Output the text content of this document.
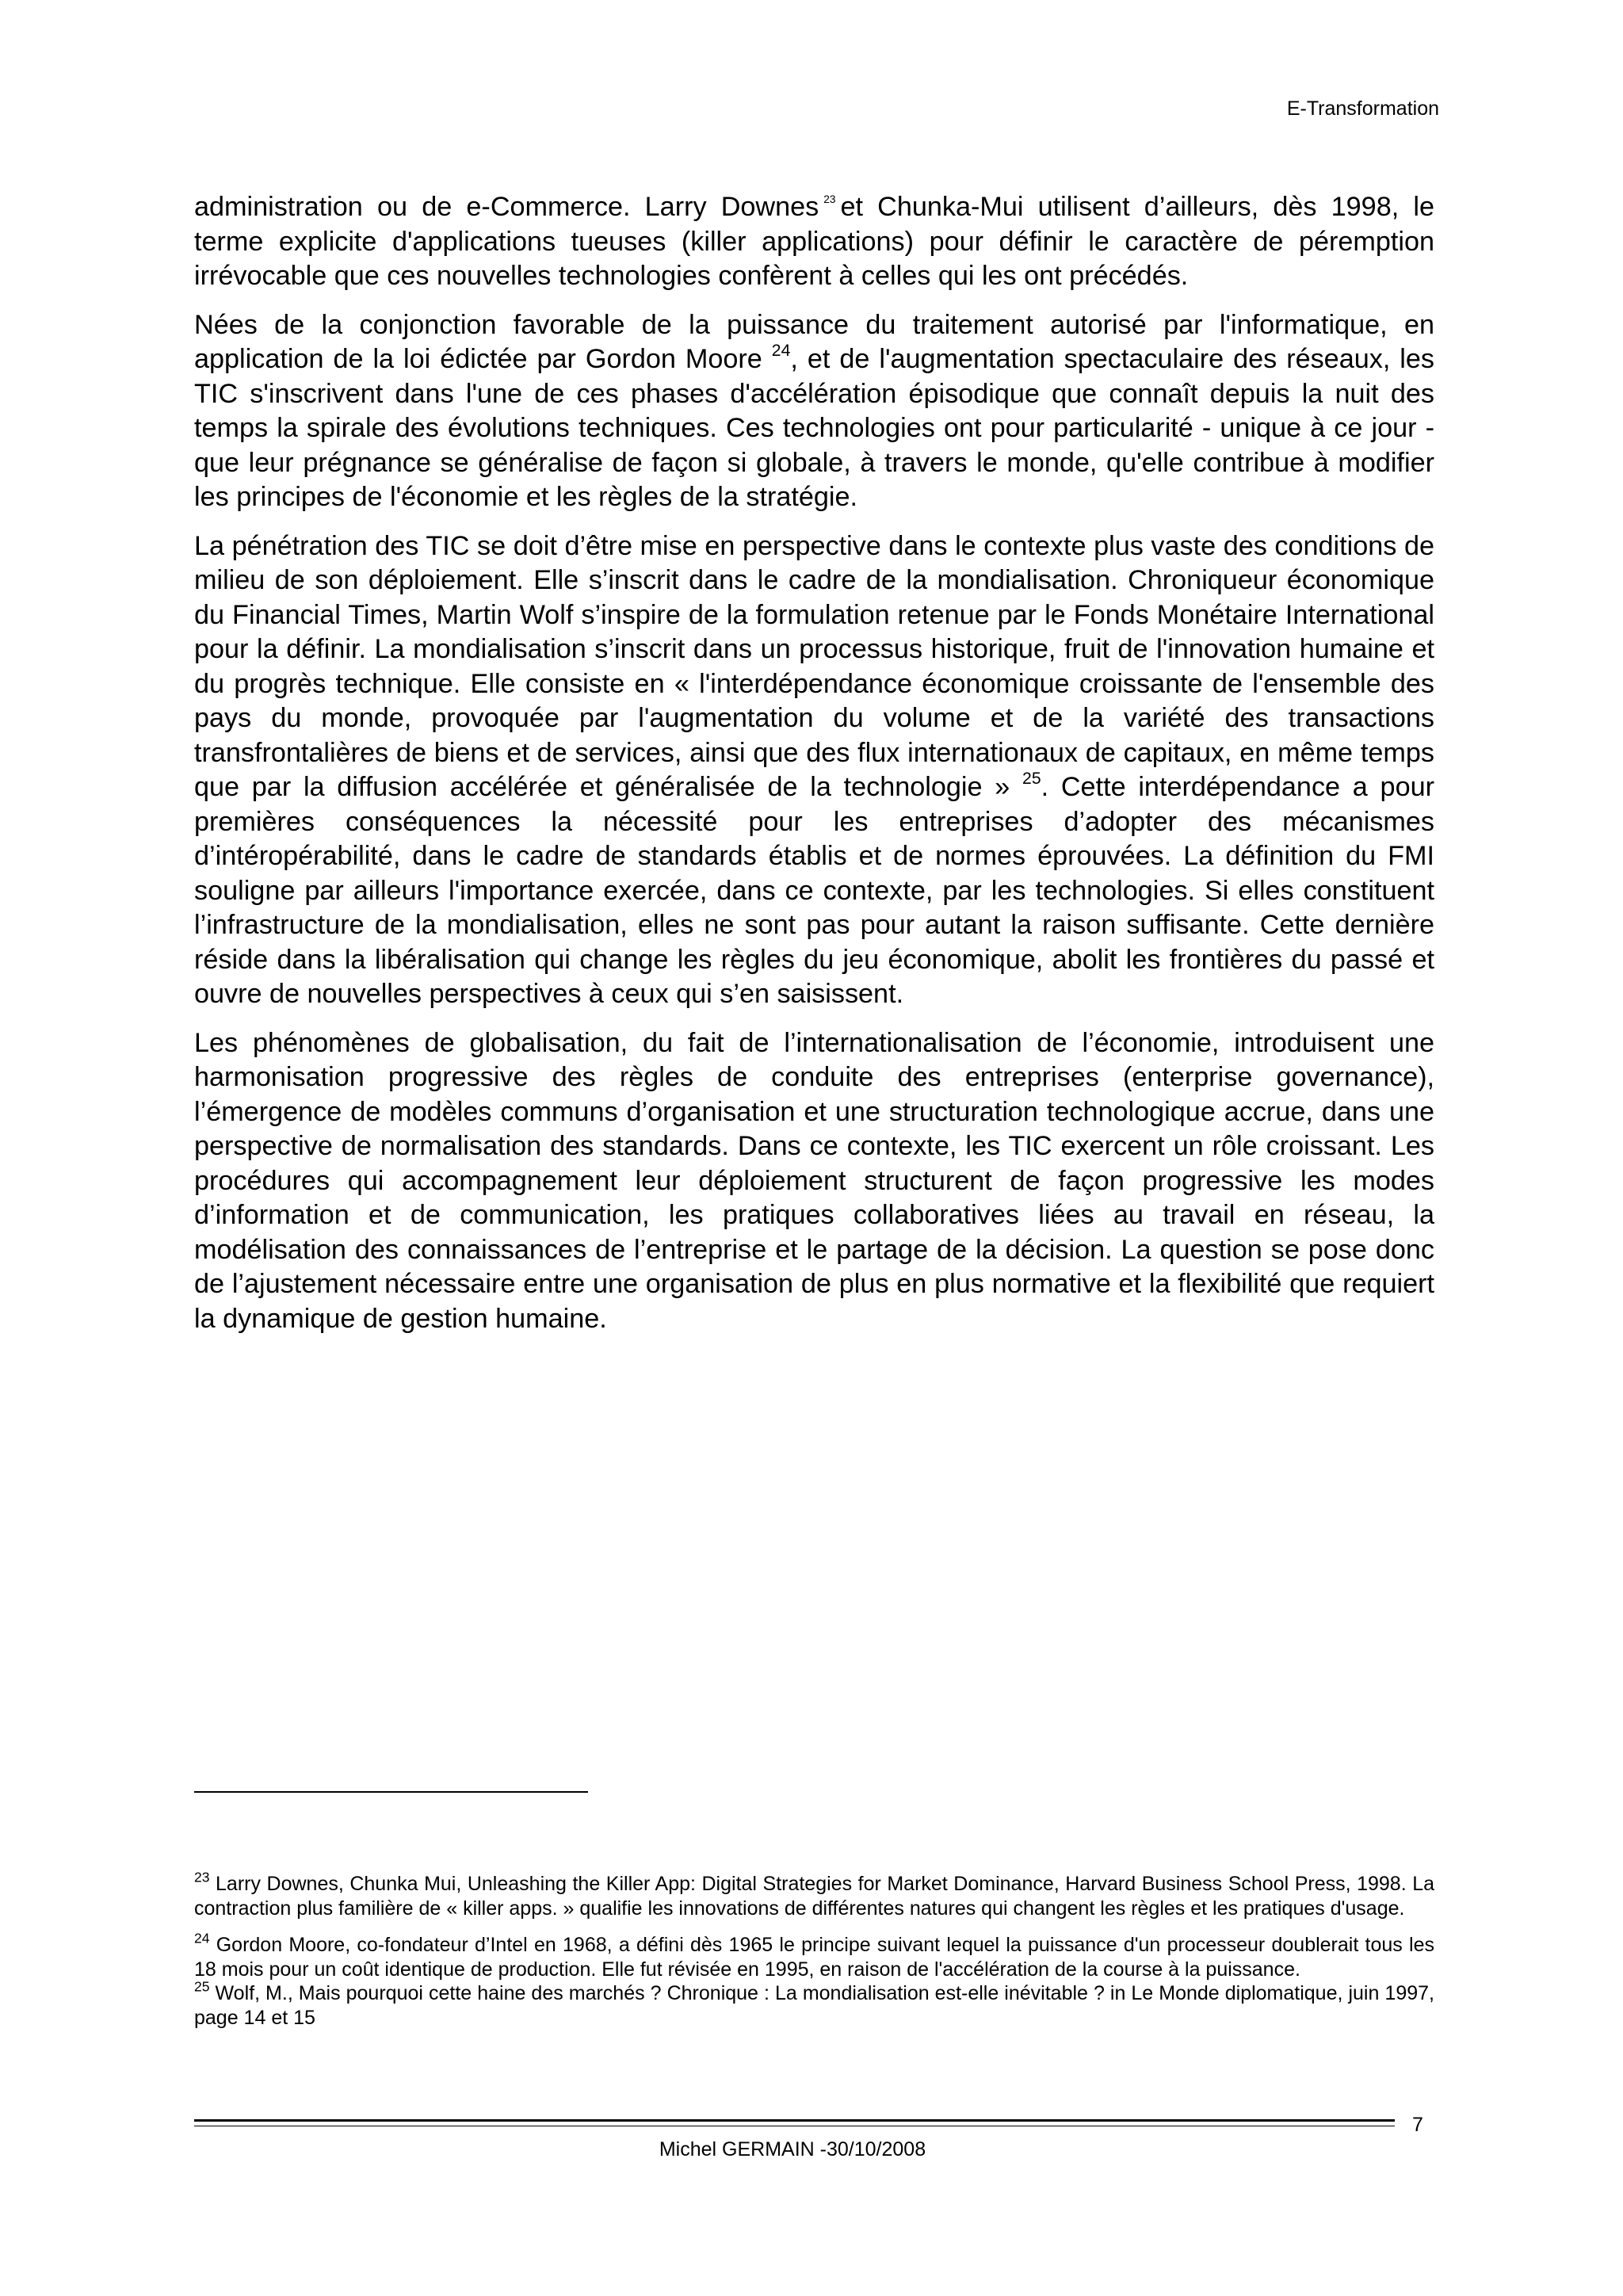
E-Transformation

administration ou de e-Commerce. Larry Downes $^{23}$ et Chunka-Mui utilisent d’ailleurs, dès 1998, le terme explicite d'applications tueuses (killer applications) pour définir le caractère de péremption irrévocable que ces nouvelles technologies confèrent à celles qui les ont précédés.

Nées de la conjonction favorable de la puissance du traitement autorisé par l'informatique, en application de la loi édictée par Gordon Moore $^{24}$, et de l'augmentation spectaculaire des réseaux, les TIC s'inscrivent dans l'une de ces phases d'accélération épisodique que connaît depuis la nuit des temps la spirale des évolutions techniques. Ces technologies ont pour particularité - unique à ce jour - que leur prégnance se généralise de façon si globale, à travers le monde, qu'elle contribue à modifier les principes de l'économie et les règles de la stratégie.

La pénétration des TIC se doit d’être mise en perspective dans le contexte plus vaste des conditions de milieu de son déploiement. Elle s’inscrit dans le cadre de la mondialisation. Chroniqueur économique du Financial Times, Martin Wolf s’inspire de la formulation retenue par le Fonds Monétaire International pour la définir. La mondialisation s’inscrit dans un processus historique, fruit de l'innovation humaine et du progrès technique. Elle consiste en « l'interdépendance économique croissante de l'ensemble des pays du monde, provoquée par l'augmentation du volume et de la variété des transactions transfrontalières de biens et de services, ainsi que des flux internationaux de capitaux, en même temps que par la diffusion accélérée et généralisée de la technologie » $^{25}$. Cette interdépendance a pour premières conséquences la nécessité pour les entreprises d’adopter des mécanismes d’intéropérabilité, dans le cadre de standards établis et de normes éprouvées. La définition du FMI souligne par ailleurs l'importance exercée, dans ce contexte, par les technologies. Si elles constituent l’infrastructure de la mondialisation, elles ne sont pas pour autant la raison suffisante. Cette dernière réside dans la libéralisation qui change les règles du jeu économique, abolit les frontières du passé et ouvre de nouvelles perspectives à ceux qui s’en saisissent.

Les phénomènes de globalisation, du fait de l’internationalisation de l’économie, introduisent une harmonisation progressive des règles de conduite des entreprises (enterprise governance), l’émergence de modèles communs d’organisation et une structuration technologique accrue, dans une perspective de normalisation des standards. Dans ce contexte, les TIC exercent un rôle croissant. Les procédures qui accompagnement leur déploiement structurent de façon progressive les modes d’information et de communication, les pratiques collaboratives liées au travail en réseau, la modélisation des connaissances de l’entreprise et le partage de la décision. La question se pose donc de l’ajustement nécessaire entre une organisation de plus en plus normative et la flexibilité que requiert la dynamique de gestion humaine.

$^{23}$ Larry Downes, Chunka Mui, Unleashing the Killer App: Digital Strategies for Market Dominance, Harvard Business School Press, 1998. La contraction plus familière de « killer apps. » qualifie les innovations de différentes natures qui changent les règles et les pratiques d'usage.

$^{24}$ Gordon Moore, co-fondateur d’Intel en 1968, a défini dès 1965 le principe suivant lequel la puissance d'un processeur doublerait tous les 18 mois pour un coût identique de production. Elle fut révisée en 1995, en raison de l'accélération de la course à la puissance.

$^{25}$ Wolf, M., Mais pourquoi cette haine des marchés ? Chronique : La mondialisation est-elle inévitable ? in Le Monde diplomatique, juin 1997, page 14 et 15

Michel GERMAIN -30/10/2008
7
